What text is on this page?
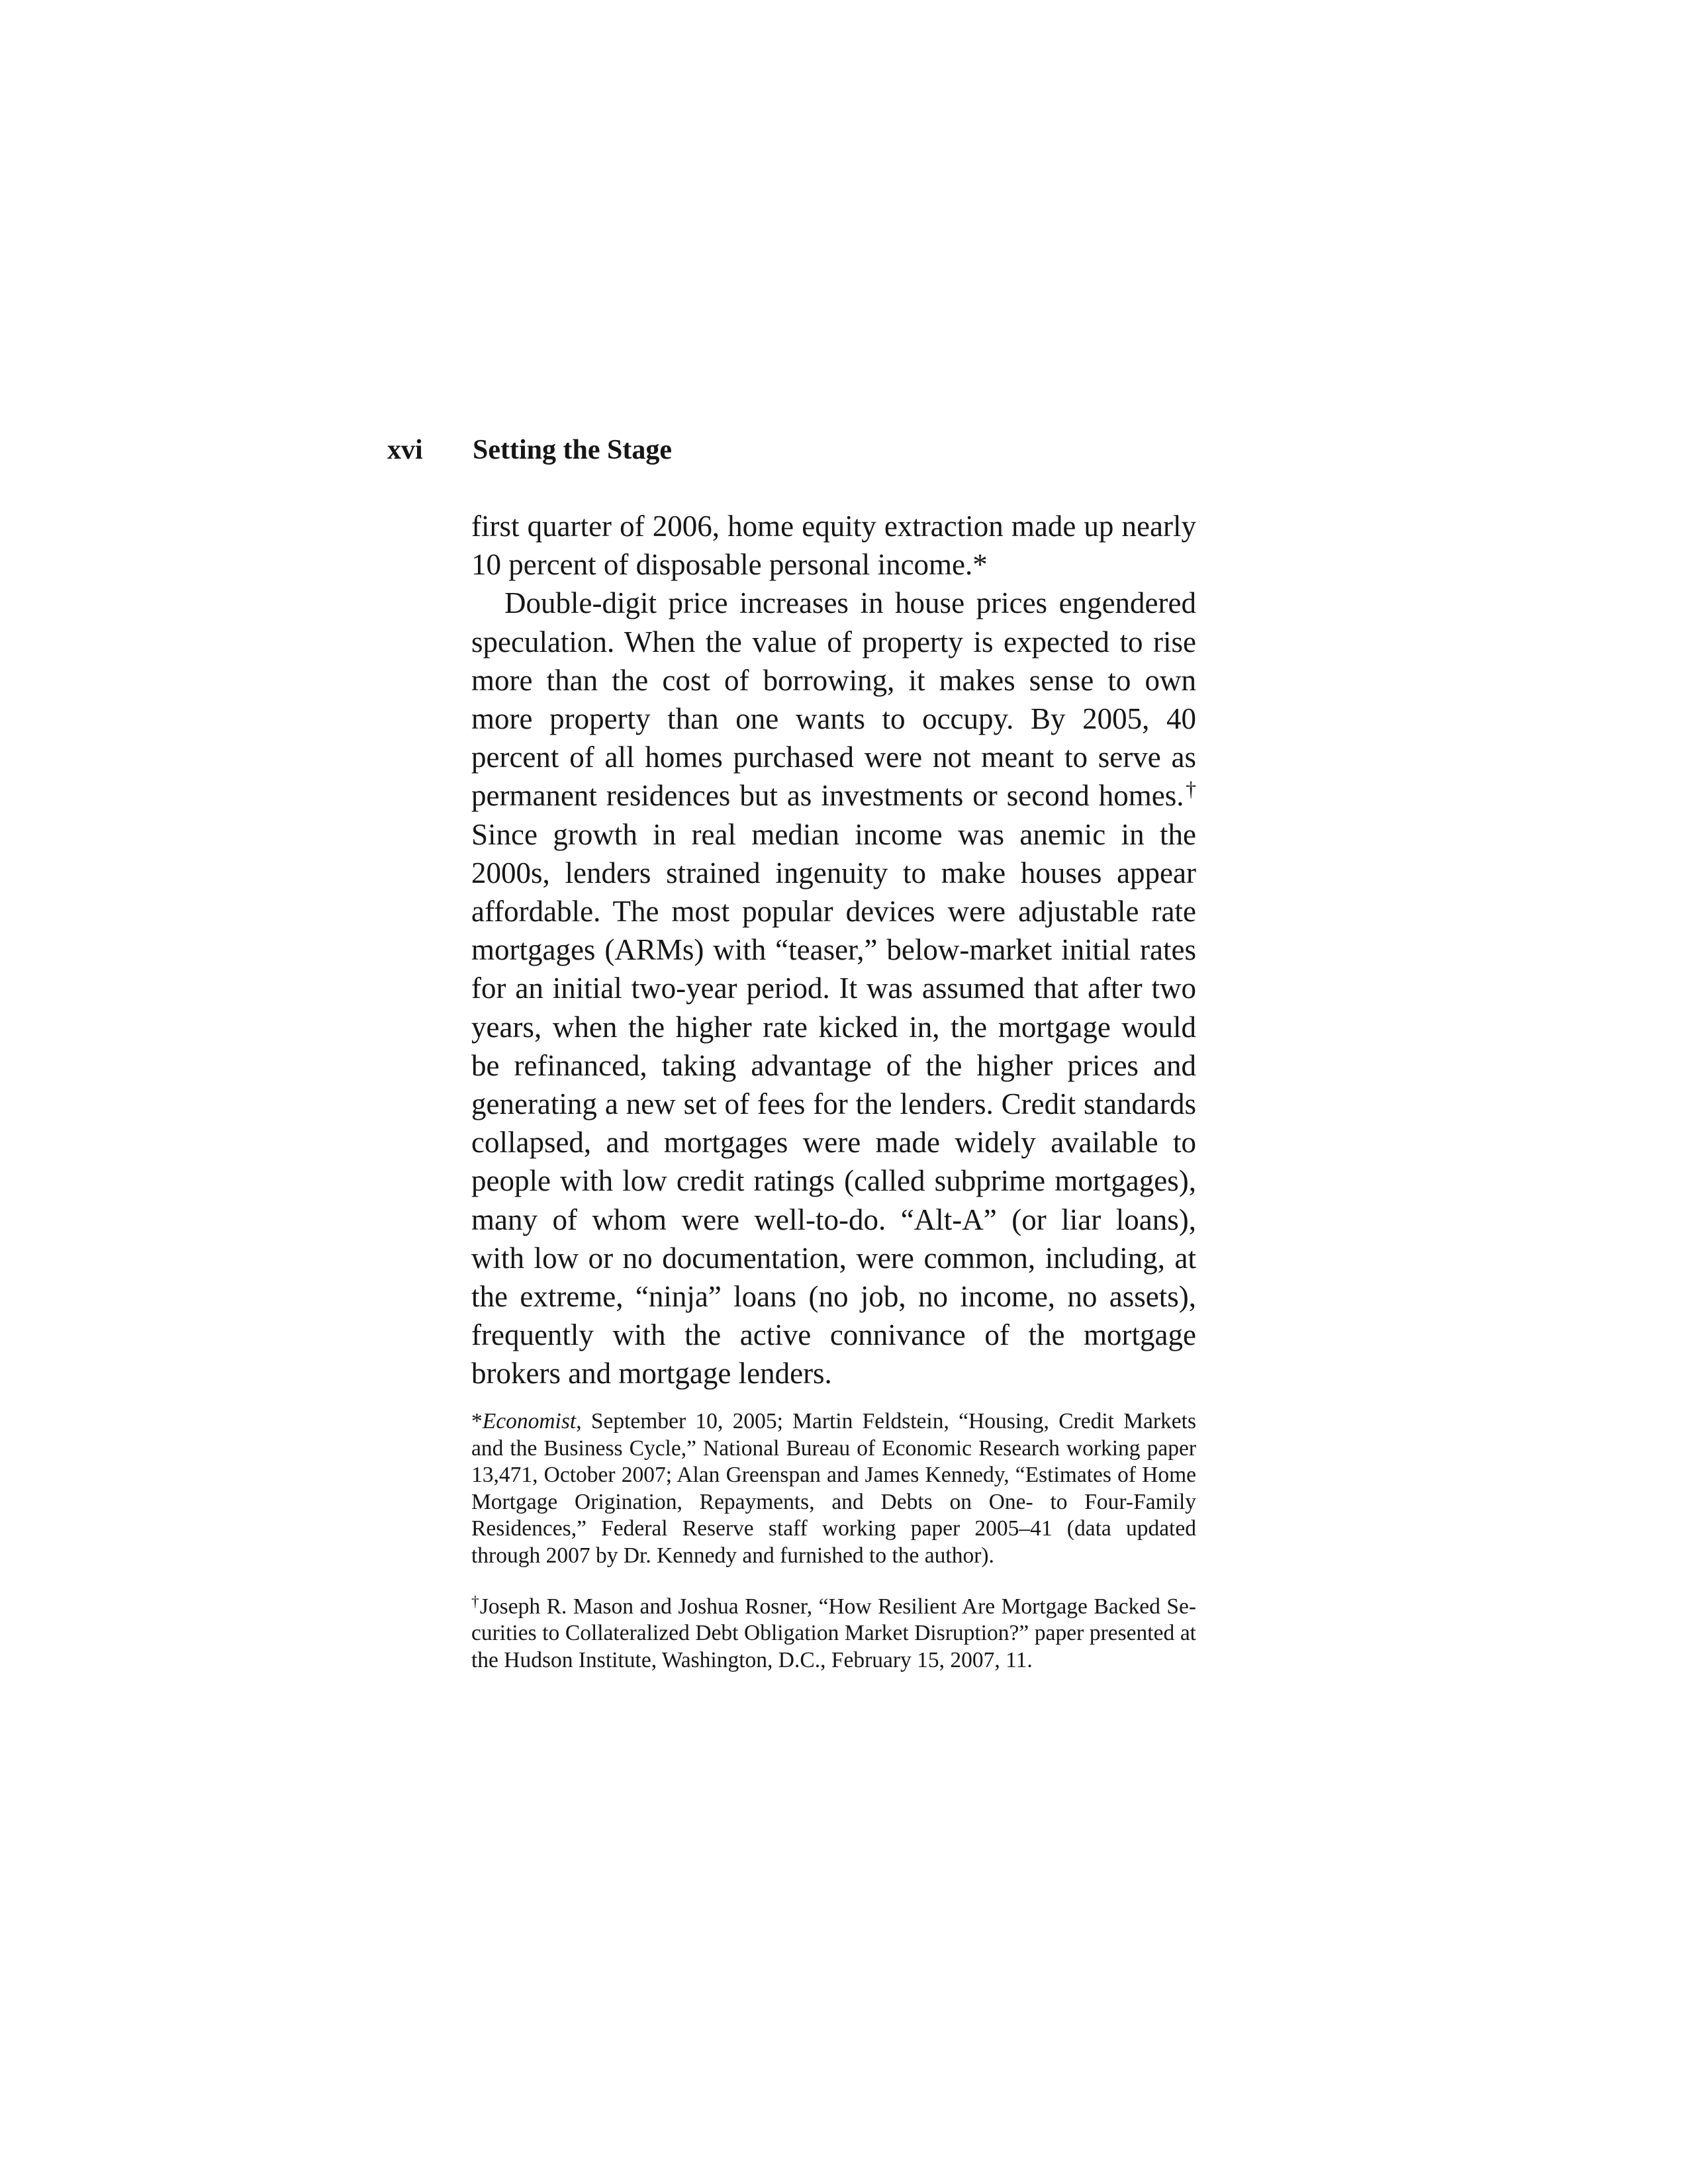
xvi Setting the Stage

first quarter of 2006, home equity extraction made up nearly 10 percent of disposable personal income.*

Double-digit price increases in house prices engendered speculation. When the value of property is expected to rise more than the cost of borrowing, it makes sense to own more property than one wants to occupy. By 2005, 40 percent of all homes purchased were not meant to serve as permanent residences but as investments or second homes.† Since growth in real median income was anemic in the 2000s, lenders strained ingenuity to make houses appear affordable. The most popular devices were adjustable rate mortgages (ARMs) with “teaser,” below-market initial rates for an initial two-year period. It was assumed that after two years, when the higher rate kicked in, the mortgage would be refinanced, taking advantage of the higher prices and generating a new set of fees for the lenders. Credit standards collapsed, and mortgages were made widely available to people with low credit ratings (called subprime mortgages), many of whom were well-to-do. “Alt-A” (or liar loans), with low or no documentation, were common, including, at the extreme, “ninja” loans (no job, no income, no assets), frequently with the active connivance of the mortgage brokers and mortgage lenders.

*Economist, September 10, 2005; Martin Feldstein, “Housing, Credit Markets and the Business Cycle,” National Bureau of Economic Research working paper 13,471, October 2007; Alan Greenspan and James Kennedy, “Estimates of Home Mortgage Origination, Repayments, and Debts on One- to Four-Family Residences,” Federal Reserve staff working paper 2005–41 (data updated through 2007 by Dr. Kennedy and furnished to the author).

†Joseph R. Mason and Joshua Rosner, “How Resilient Are Mortgage Backed Securities to Collateralized Debt Obligation Market Disruption?” paper presented at the Hudson Institute, Washington, D.C., February 15, 2007, 11.
